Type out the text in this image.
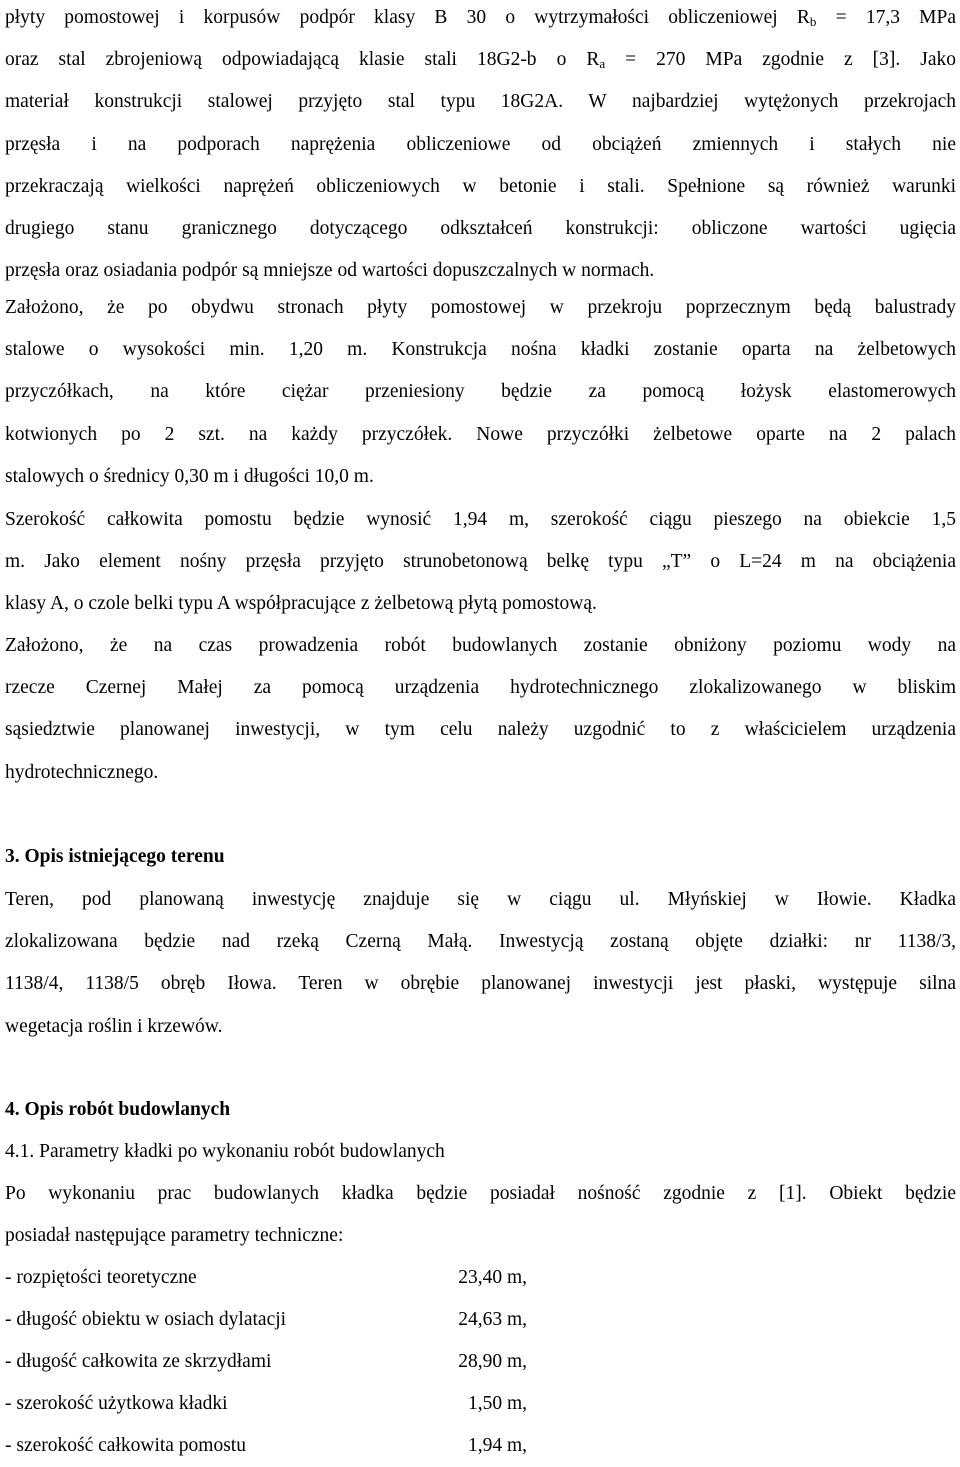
płyty pomostowej i korpusów podpór klasy B 30 o wytrzymałości obliczeniowej $R_b = 17,3$ MPa
oraz stal zbrojeniową odpowiadającą klasie stali 18G2-b o $R_a = 270$ MPa zgodnie z [3]. Jako
materiał konstrukcji stalowej przyjęto stal typu 18G2A. W najbardziej wytężonych przekrojach
przęsła i na podporach naprężenia obliczeniowe od obciążeń zmiennych i stałych nie
przekraczają wielkości naprężeń obliczeniowych w betonie i stali. Spełnione są również warunki
drugiego stanu granicznego dotyczącego odkształceń konstrukcji: obliczone wartości ugięcia
przęsła oraz osiadania podpór są mniejsze od wartości dopuszczalnych w normach.
Założono, że po obydwu stronach płyty pomostowej w przekroju poprzecznym będą balustrady
stalowe o wysokości min. 1,20 m. Konstrukcja nośna kładki zostanie oparta na żelbetowych
przyczółkach, na które ciężar przeniesiony będzie za pomocą łożysk elastomerowych
kotwionych po 2 szt. na każdy przyczółek. Nowe przyczółki żelbetowe oparte na 2 palach
stalowych o średnicy 0,30 m i długości 10,0 m.
Szerokość całkowita pomostu będzie wynosić 1,94 m, szerokość ciągu pieszego na obiekcie 1,5
m. Jako element nośny przęsła przyjęto strunobetonową belkę typu „T” o L=24 m na obciążenia
klasy A, o czole belki typu A współpracujące z żelbetową płytą pomostową.
Założono, że na czas prowadzenia robót budowlanych zostanie obniżony poziomu wody na
rzecze Czernej Małej za pomocą urządzenia hydrotechnicznego zlokalizowanego w bliskim
sąsiedztwie planowanej inwestycji, w tym celu należy uzgodnić to z właścicielem urządzenia
hydrotechnicznego.
3. Opis istniejącego terenu
Teren, pod planowaną inwestycję znajduje się w ciągu ul. Młyńskiej w Iłowie. Kładka
zlokalizowana będzie nad rzeką Czerną Małą. Inwestycją zostaną objęte działki: nr 1138/3,
1138/4, 1138/5 obręb Iłowa. Teren w obrębie planowanej inwestycji jest płaski, występuje silna
wegetacja roślin i krzewów.
4. Opis robót budowlanych
4.1. Parametry kładki po wykonaniu robót budowlanych
Po wykonaniu prac budowlanych kładka będzie posiadał nośność zgodnie z [1]. Obiekt będzie
posiadał następujące parametry techniczne:
- rozpiętości teoretyczne	23,40 m,
- długość obiektu w osiach dylatacji	24,63 m,
- długość całkowita ze skrzydłami	28,90 m,
- szerokość użytkowa kładki	1,50 m,
- szerokość całkowita pomostu	1,94 m,
